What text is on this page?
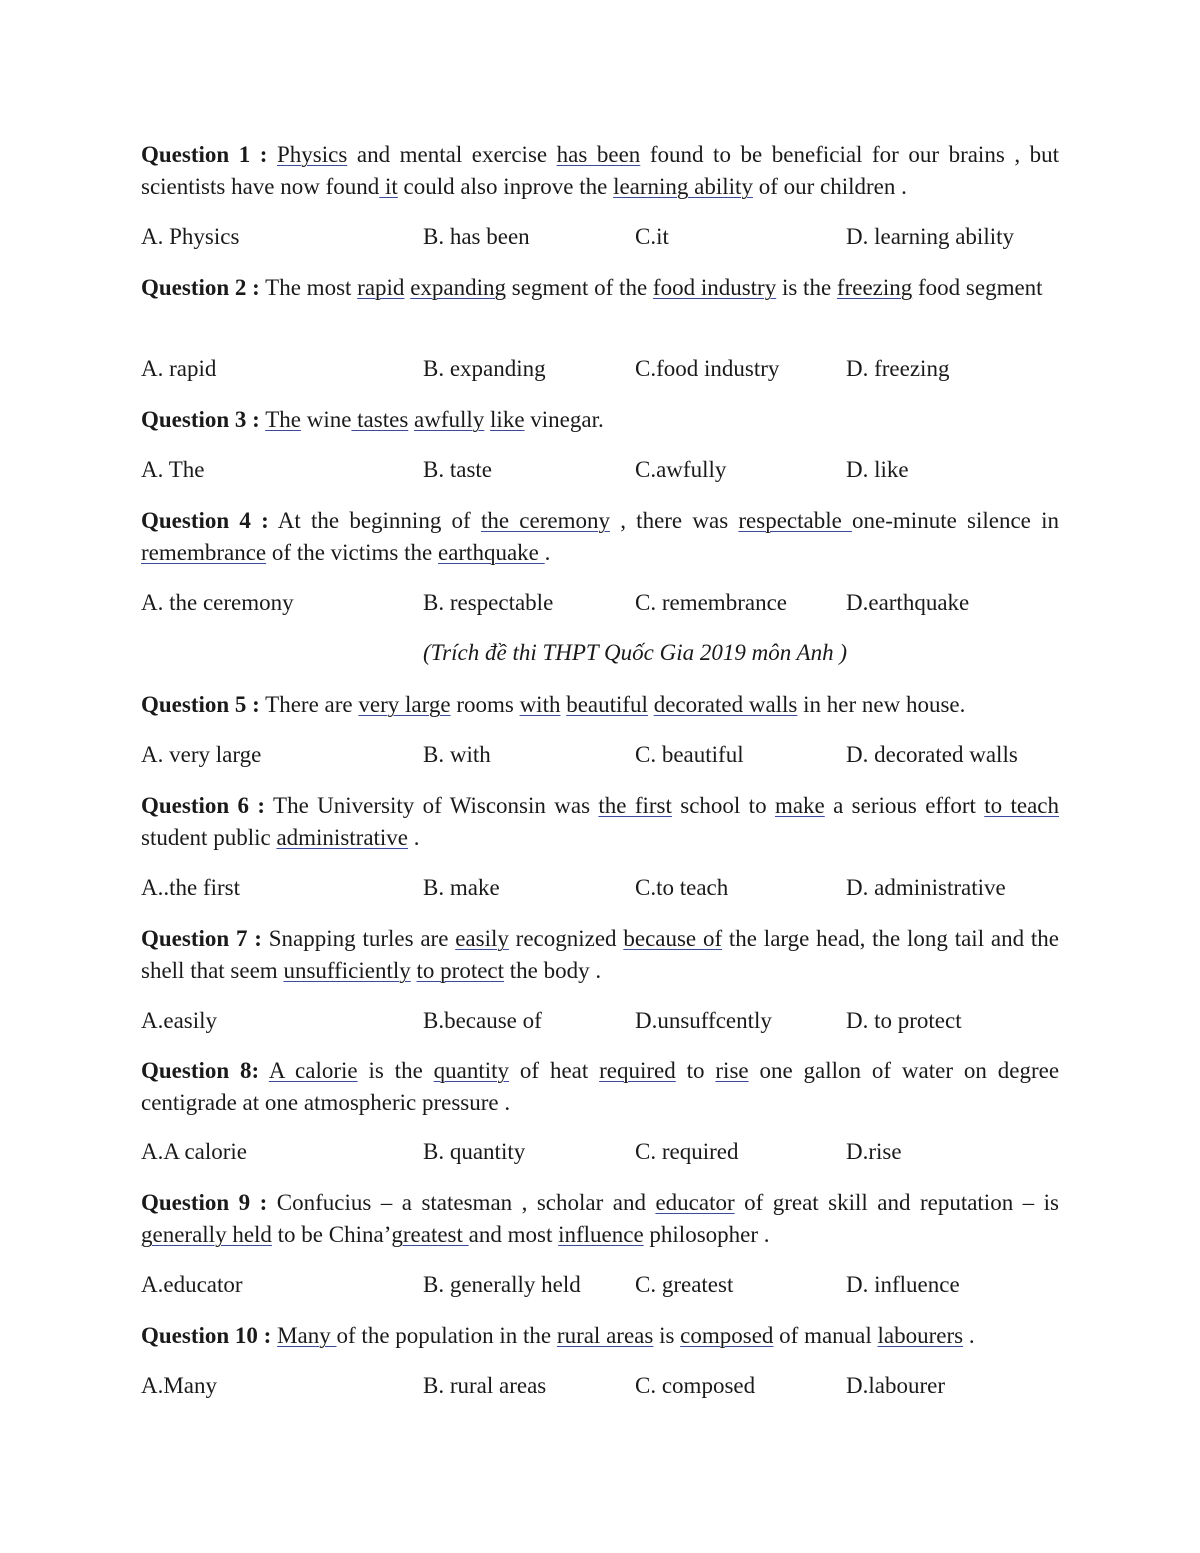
Question 1 : Physics and mental exercise has been found to be beneficial for our brains , but scientists have now found it could also inprove the learning ability of our children .
A. Physics	B. has been	C.it	D. learning ability
Question 2 : The most rapid expanding segment of the food industry is the freezing food segment
A. rapid	B. expanding	C.food industry	D. freezing
Question 3 : The wine tastes awfully like vinegar.
A. The	B. taste	C.awfully	D. like
Question 4 : At the beginning of the ceremony , there was respectable one-minute silence in remembrance of the victims the earthquake .
A. the ceremony	B. respectable	C. remembrance	D.earthquake
(Trích đề thi THPT Quốc Gia 2019 môn Anh )
Question 5 : There are very large rooms with beautiful decorated walls in her new house.
A. very large	B. with	C. beautiful	D. decorated walls
Question 6 : The University of Wisconsin was the first school to make a serious effort to teach student public administrative .
A..the first	B. make	C.to teach	D. administrative
Question 7 : Snapping turles are easily recognized because of the large head, the long tail and the shell that seem unsufficiently to protect the body .
A.easily	B.because of	D.unsuffcently	D. to protect
Question 8: A calorie is the quantity of heat required to rise one gallon of water on degree centigrade at one atmospheric pressure .
A.A calorie	B. quantity	C. required	D.rise
Question 9 : Confucius – a statesman , scholar and educator of great skill and reputation – is generally held to be China’greatest and most influence philosopher .
A.educator	B. generally held C. greatest	D. influence
Question 10 : Many of the population in the rural areas is composed of manual labourers .
A.Many	B. rural areas	C. composed	D.labourer
